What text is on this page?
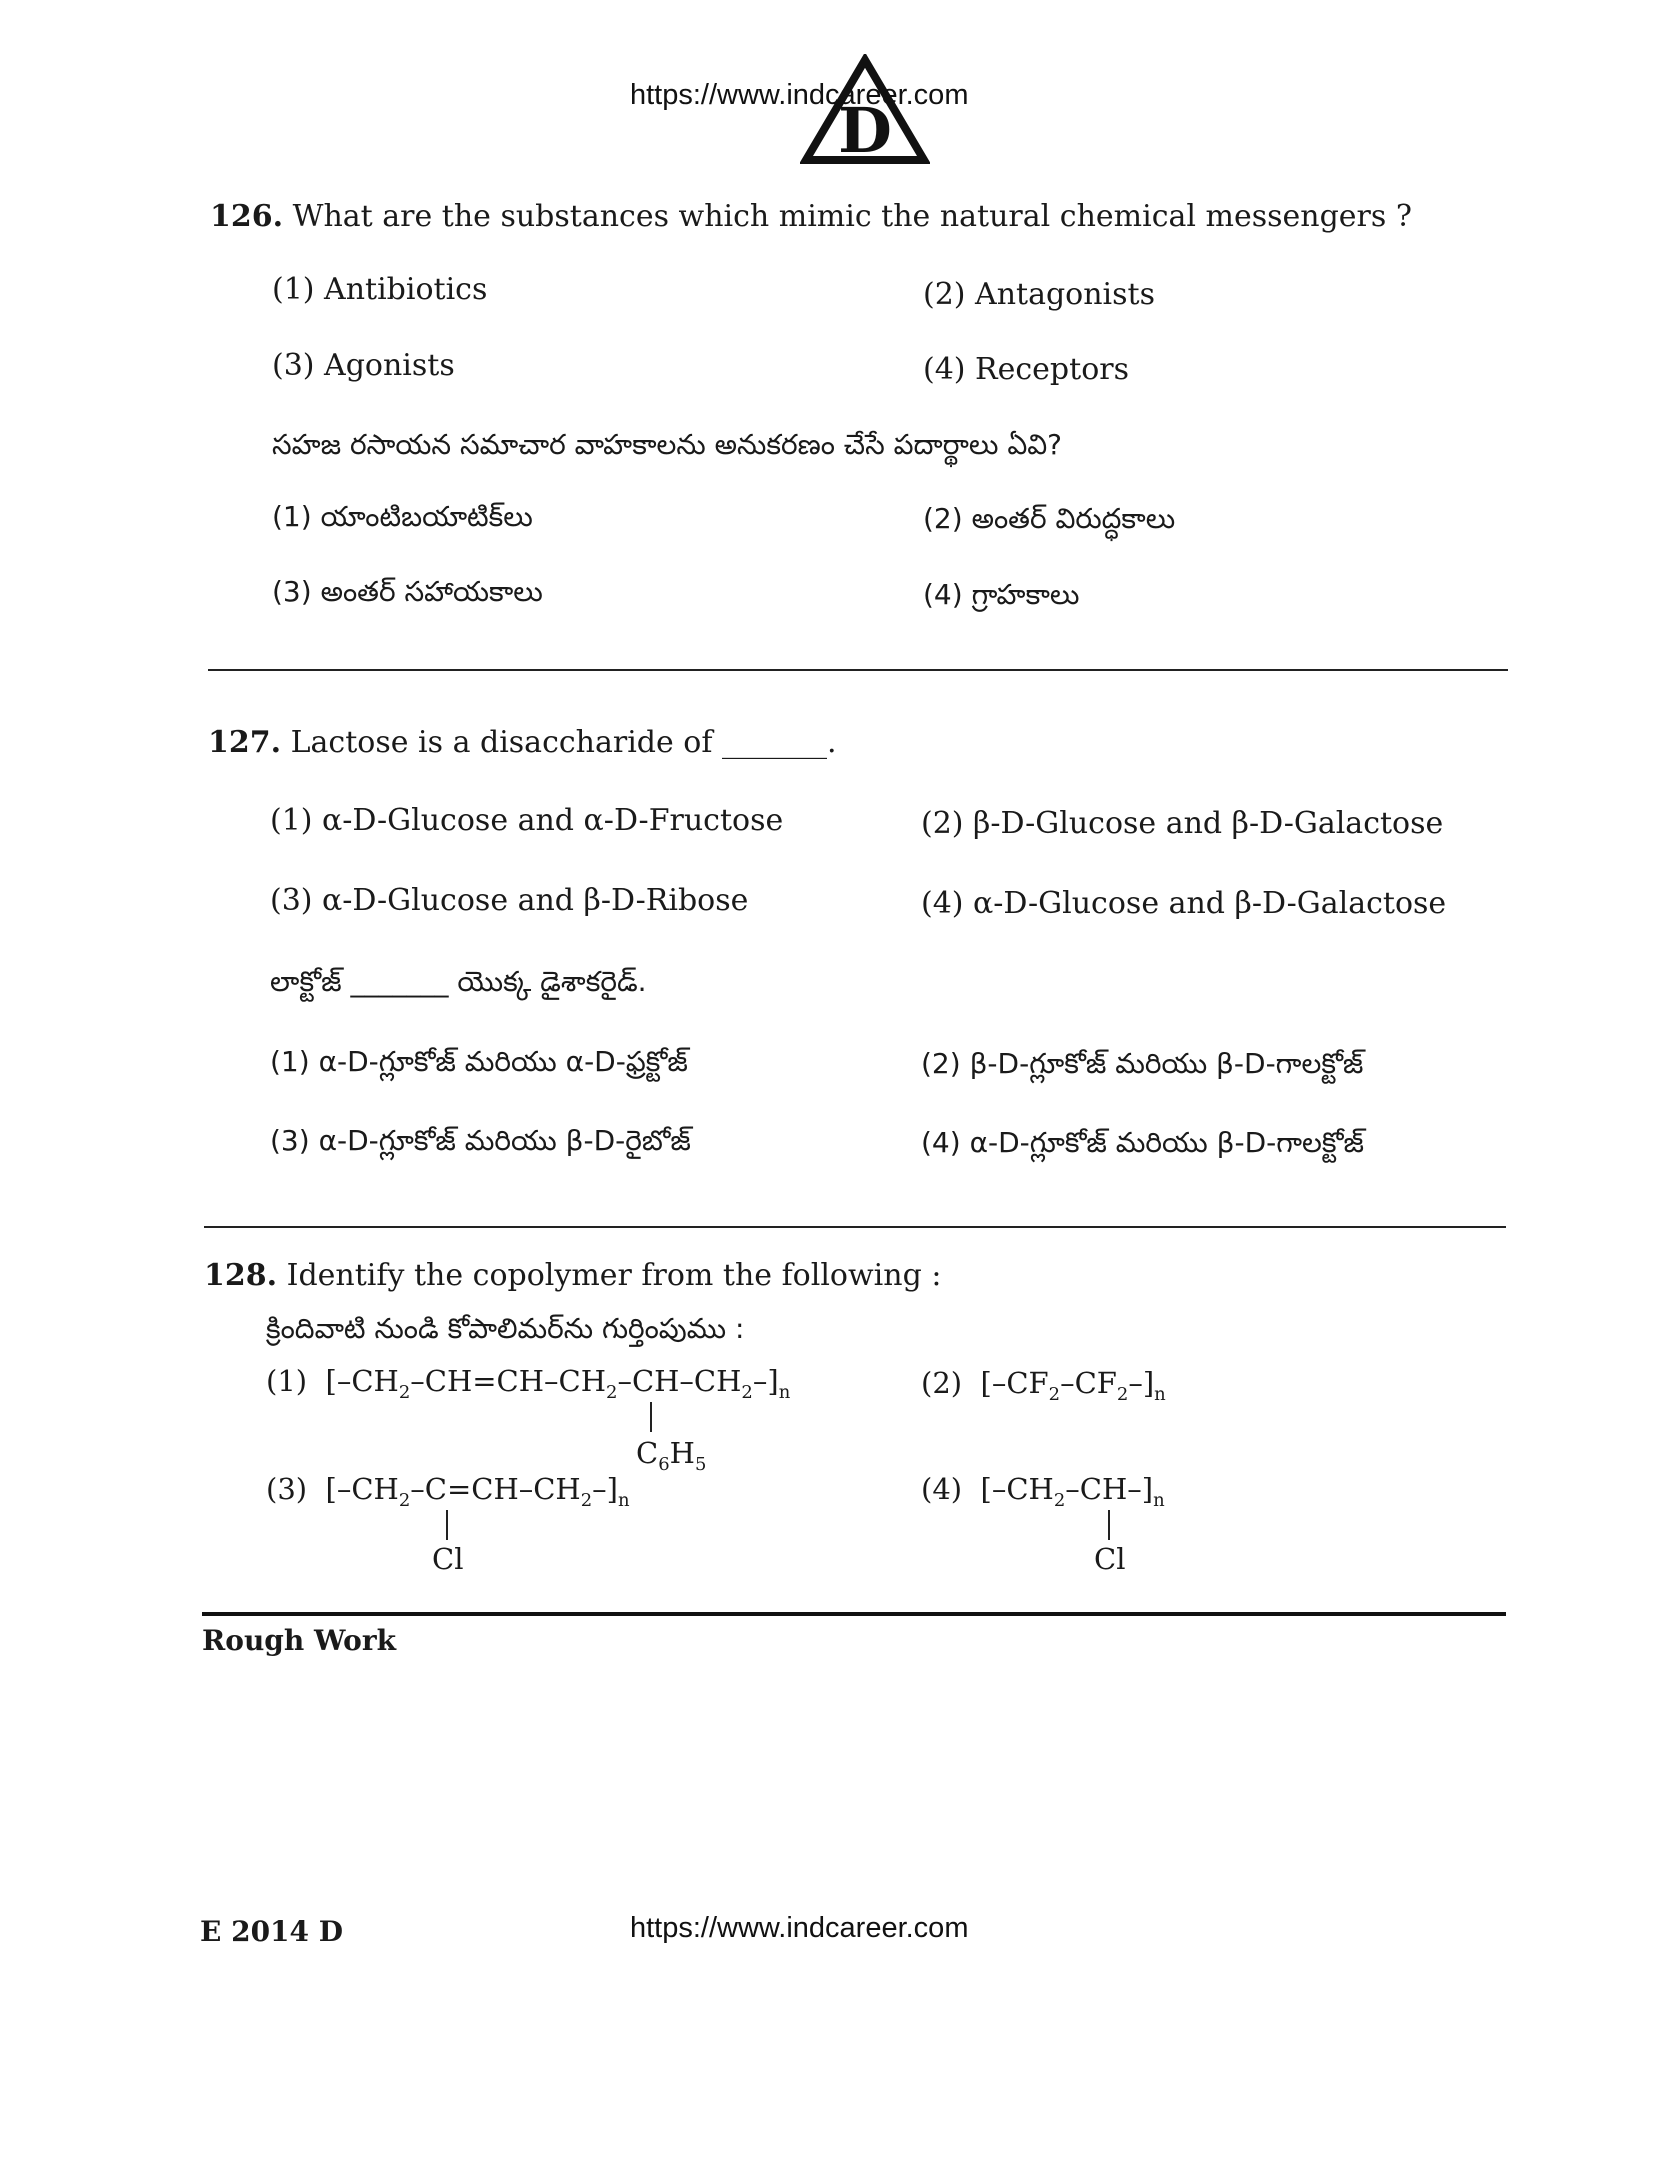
D
https://www.indcareer.com
126. What are the substances which mimic the natural chemical messengers ?
(1) Antibiotics	(2) Antagonists
(3) Agonists	(4) Receptors
సహజ రసాయన సమాచార వాహకాలను అనుకరణం చేసే పదార్థాలు ఏవి?
(1) యాంటిబయాటిక్‌లు	(2) అంతర్ విరుద్ధకాలు
(3) అంతర్ సహాయకాలు	(4) గ్రాహకాలు
127. Lactose is a disaccharide of _______.
(1) α-D-Glucose and α-D-Fructose	(2) β-D-Glucose and β-D-Galactose
(3) α-D-Glucose and β-D-Ribose	(4) α-D-Glucose and β-D-Galactose
లాక్టోజ్ _______ యొక్క డైశాకరైడ్.
(1) α-D-గ్లూకోజ్ మరియు α-D-ఫ్రక్టోజ్	(2) β-D-గ్లూకోజ్ మరియు β-D-గాలక్టోజ్
(3) α-D-గ్లూకోజ్ మరియు β-D-రైబోజ్	(4) α-D-గ్లూకోజ్ మరియు β-D-గాలక్టోజ్
128. Identify the copolymer from the following :
క్రిందివాటి నుండి కోపాలిమర్‌ను గుర్తింపుము :
(1)  $[-CH_2-CH=CH-CH_2-CH-CH_2-]_n$
$C_6H_5$
(2)  $[-CF_2-CF_2-]_n$
(3)  $[-CH_2-C=CH-CH_2-]_n$
Cl
(4)  $[-CH_2-CH-]_n$
Cl
Rough Work
E 2014 D	https://www.indcareer.com
